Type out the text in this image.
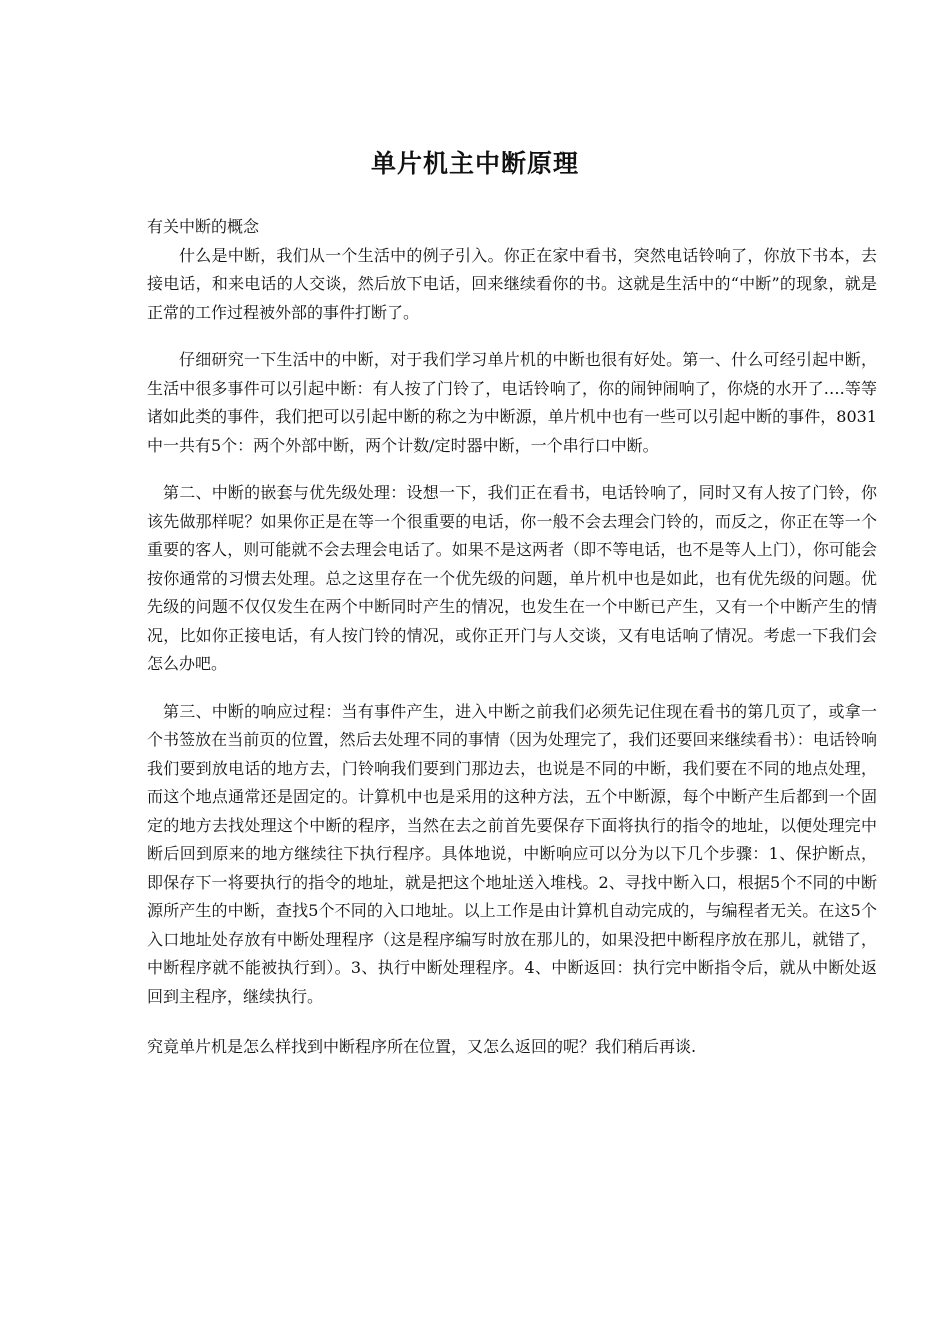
单片机主中断原理

有关中断的概念

什么是中断，我们从一个生活中的例子引入。你正在家中看书，突然电话铃响了，你放下书本，去接电话，和来电话的人交谈，然后放下电话，回来继续看你的书。这就是生活中的“中断”的现象，就是正常的工作过程被外部的事件打断了。

仔细研究一下生活中的中断，对于我们学习单片机的中断也很有好处。第一、什么可经引起中断，生活中很多事件可以引起中断：有人按了门铃了，电话铃响了，你的闹钟闹响了，你烧的水开了….等等诸如此类的事件，我们把可以引起中断的称之为中断源，单片机中也有一些可以引起中断的事件，8031中一共有5个：两个外部中断，两个计数/定时器中断，一个串行口中断。

第二、中断的嵌套与优先级处理：设想一下，我们正在看书，电话铃响了，同时又有人按了门铃，你该先做那样呢？如果你正是在等一个很重要的电话，你一般不会去理会门铃的，而反之，你正在等一个重要的客人，则可能就不会去理会电话了。如果不是这两者（即不等电话，也不是等人上门），你可能会按你通常的习惯去处理。总之这里存在一个优先级的问题，单片机中也是如此，也有优先级的问题。优先级的问题不仅仅发生在两个中断同时产生的情况，也发生在一个中断已产生，又有一个中断产生的情况，比如你正接电话，有人按门铃的情况，或你正开门与人交谈，又有电话响了情况。考虑一下我们会怎么办吧。

第三、中断的响应过程：当有事件产生，进入中断之前我们必须先记住现在看书的第几页了，或拿一个书签放在当前页的位置，然后去处理不同的事情（因为处理完了，我们还要回来继续看书）：电话铃响我们要到放电话的地方去，门铃响我们要到门那边去，也说是不同的中断，我们要在不同的地点处理，而这个地点通常还是固定的。计算机中也是采用的这种方法，五个中断源，每个中断产生后都到一个固定的地方去找处理这个中断的程序，当然在去之前首先要保存下面将执行的指令的地址，以便处理完中断后回到原来的地方继续往下执行程序。具体地说，中断响应可以分为以下几个步骤：1、保护断点，即保存下一将要执行的指令的地址，就是把这个地址送入堆栈。2、寻找中断入口，根据5个不同的中断源所产生的中断，查找5个不同的入口地址。以上工作是由计算机自动完成的，与编程者无关。在这5个入口地址处存放有中断处理程序（这是程序编写时放在那儿的，如果没把中断程序放在那儿，就错了，中断程序就不能被执行到）。3、执行中断处理程序。4、中断返回：执行完中断指令后，就从中断处返回到主程序，继续执行。

究竟单片机是怎么样找到中断程序所在位置，又怎么返回的呢？我们稍后再谈.
